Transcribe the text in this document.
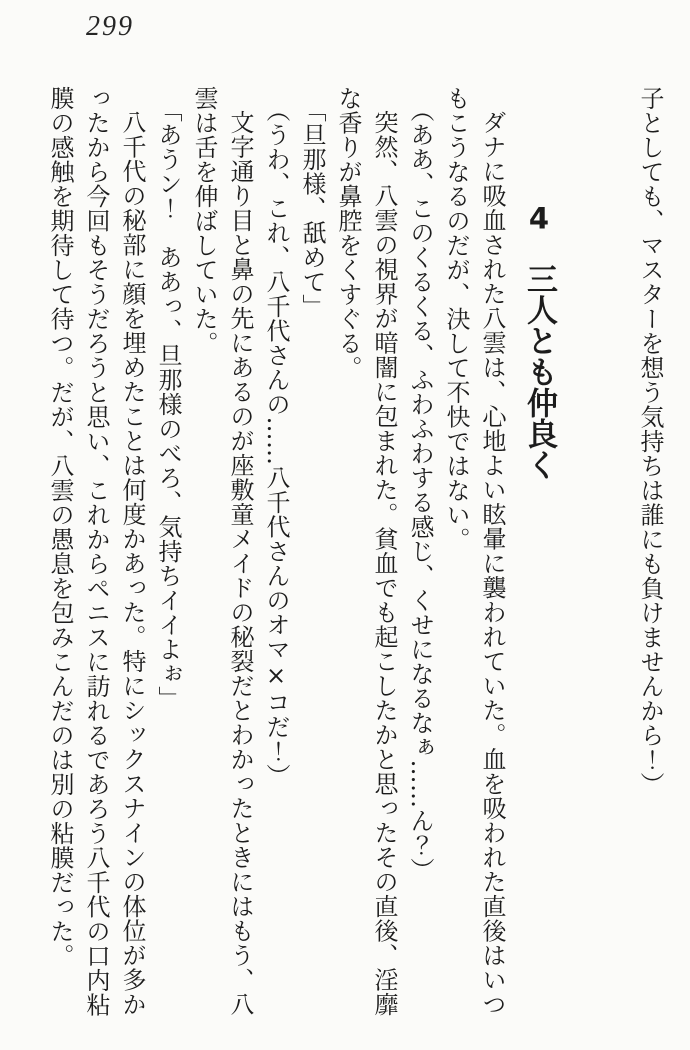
299

子としても、マスターを想う気持ちは誰にも負けませんから！）

4三人とも仲良く

ダナに吸血された八雲は、心地よい眩暈に襲われていた。血を吸われた直後はいつ

もこうなるのだが、決して不快ではない。

（ああ、このくるくる、ふわふわする感じ、くせになるなぁ……ん？）

突然、八雲の視界が暗闇に包まれた。貧血でも起こしたかと思ったその直後、淫靡

な香りが鼻腔をくすぐる。

「旦那様、舐めて」

（うわ、これ、八千代さんの……八千代さんのオマ×コだ！）

文字通り目と鼻の先にあるのが座敷童メイドの秘裂だとわかったときにはもう、八

雲は舌を伸ばしていた。

「あうン！　ああっ、旦那様のべろ、気持ちイイよぉ」

八千代の秘部に顔を埋めたことは何度かあった。特にシックスナインの体位が多か

ったから今回もそうだろうと思い、これからペニスに訪れるであろう八千代の口内粘

膜の感触を期待して待つ。だが、八雲の愚息を包みこんだのは別の粘膜だった。
